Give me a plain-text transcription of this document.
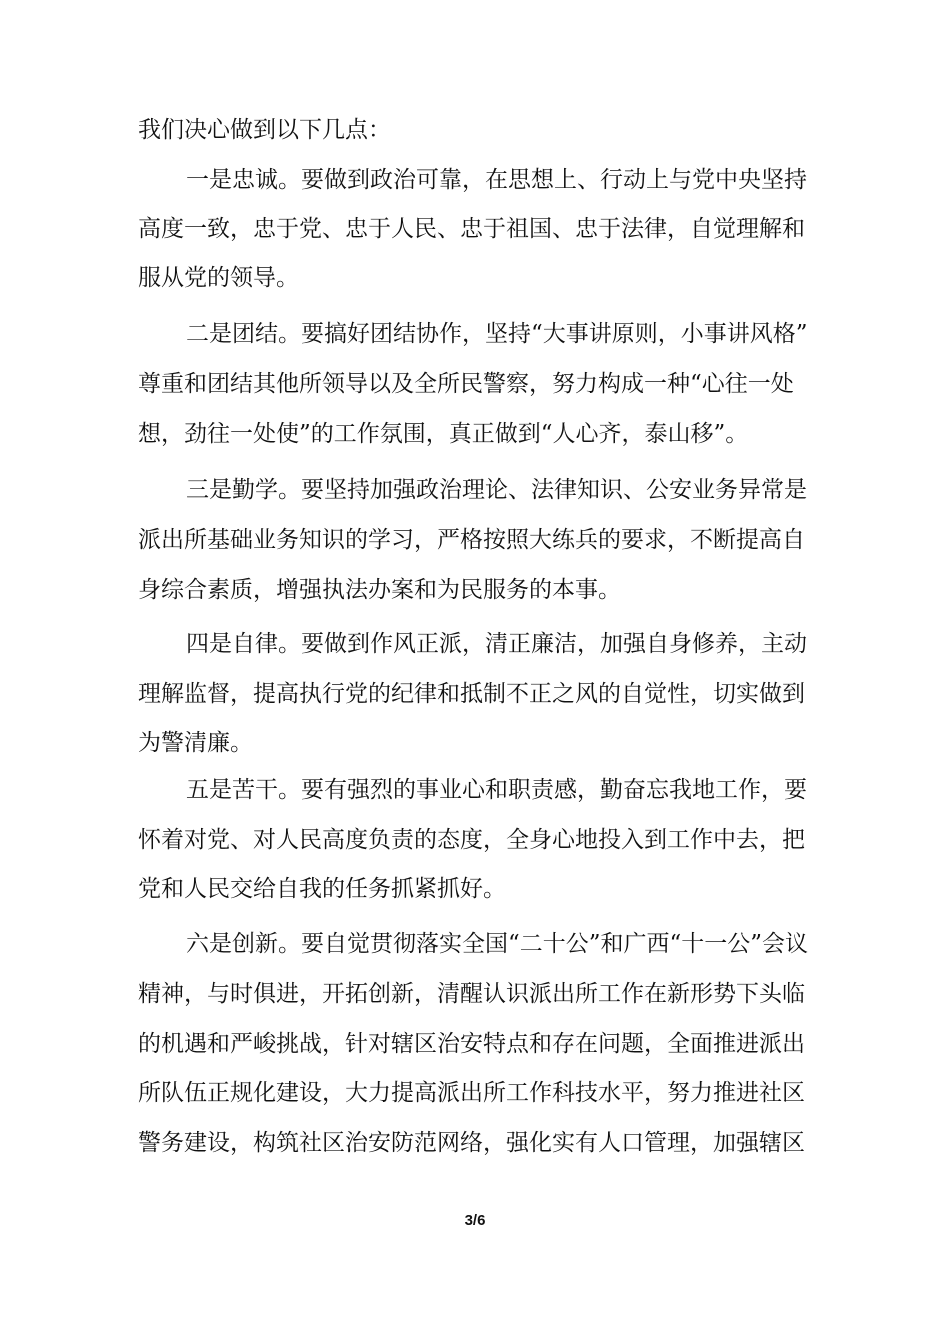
我们决心做到以下几点：

一是忠诚。要做到政治可靠，在思想上、行动上与党中央坚持

高度一致，忠于党、忠于人民、忠于祖国、忠于法律，自觉理解和

服从党的领导。

二是团结。要搞好团结协作，坚持“大事讲原则，小事讲风格”

尊重和团结其他所领导以及全所民警察，努力构成一种“心往一处

想，劲往一处使”的工作氛围，真正做到“人心齐，泰山移”。

三是勤学。要坚持加强政治理论、法律知识、公安业务异常是

派出所基础业务知识的学习，严格按照大练兵的要求，不断提高自

身综合素质，增强执法办案和为民服务的本事。

四是自律。要做到作风正派，清正廉洁，加强自身修养，主动

理解监督，提高执行党的纪律和抵制不正之风的自觉性，切实做到

为警清廉。

五是苦干。要有强烈的事业心和职责感，勤奋忘我地工作，要

怀着对党、对人民高度负责的态度，全身心地投入到工作中去，把

党和人民交给自我的任务抓紧抓好。

六是创新。要自觉贯彻落实全国“二十公”和广西“十一公”会议

精神，与时俱进，开拓创新，清醒认识派出所工作在新形势下头临

的机遇和严峻挑战，针对辖区治安特点和存在问题，全面推进派出

所队伍正规化建设，大力提高派出所工作科技水平，努力推进社区

警务建设，构筑社区治安防范网络，强化实有人口管理，加强辖区

3/6
